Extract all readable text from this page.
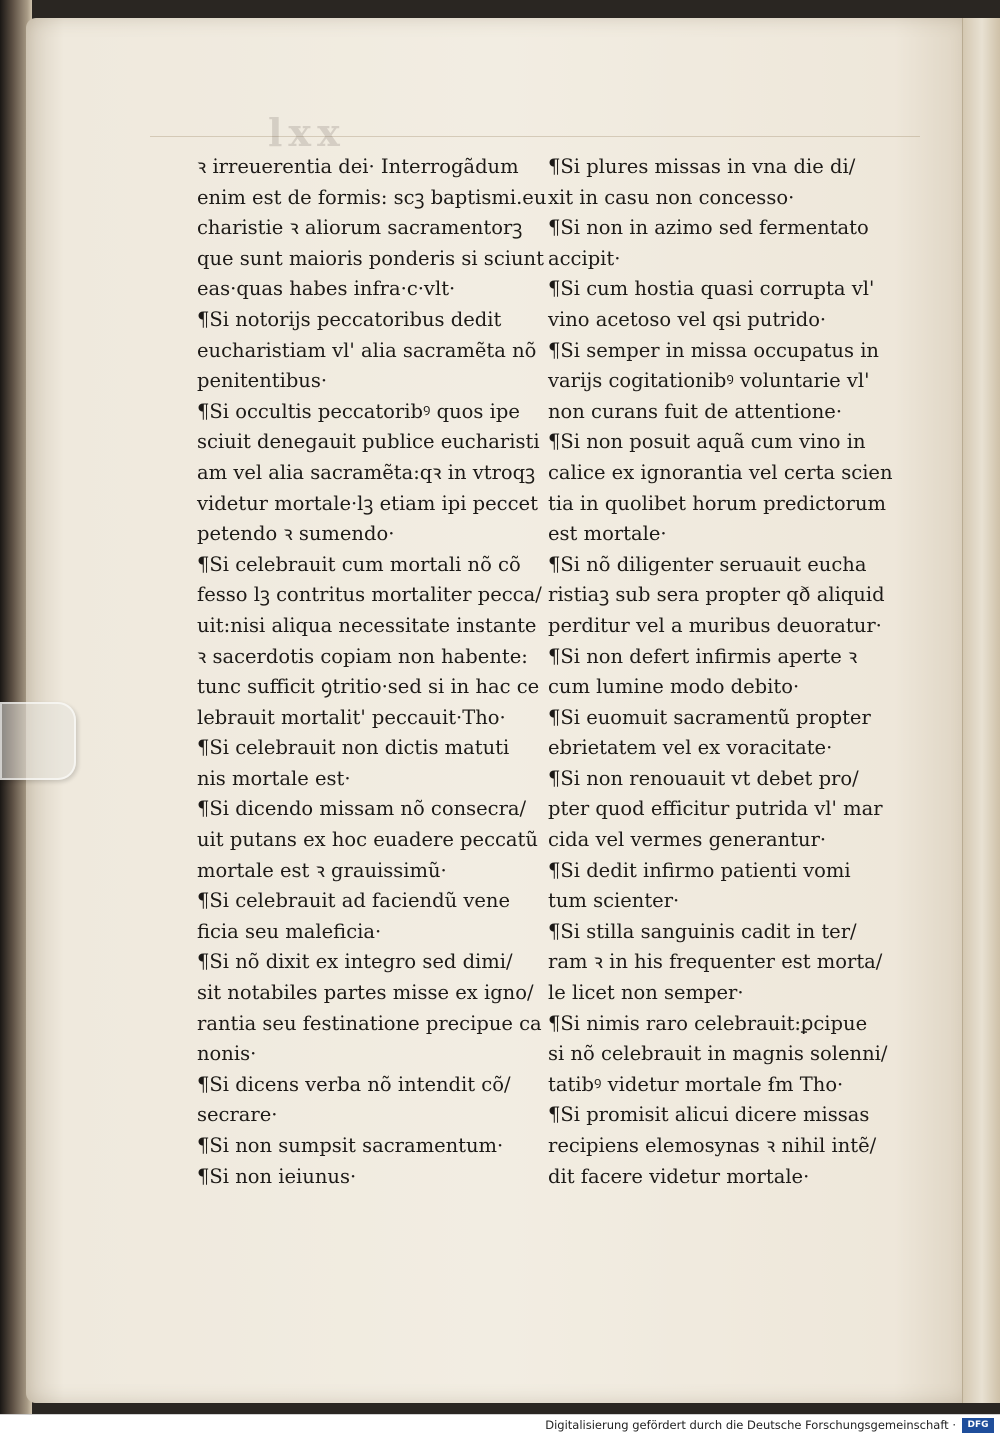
lxx
ꝛ irreuerentia dei· Interrogãdum
enim est de formis: scꝫ baptismi.eu
charistie ꝛ aliorum sacramentorꝫ
que sunt maioris ponderis si sciunt
eas·quas habes infra·c·vlt·
¶Si notorijs peccatoribus dedit
eucharistiam vl' alia sacramẽta nõ
penitentibus·
¶Si occultis peccatoribꝰ quos ipe
sciuit denegauit publice eucharisti
am vel alia sacramẽta:qꝛ in vtroqꝫ
videtur mortale·lꝫ etiam ipi peccet
petendo ꝛ sumendo·
¶Si celebrauit cum mortali nõ cõ
fesso lꝫ contritus mortaliter pecca/
uit:nisi aliqua necessitate instante
ꝛ sacerdotis copiam non habente:
tunc sufficit ꝯtritio·sed si in hac ce
lebrauit mortalit' peccauit·Tho·
¶Si celebrauit non dictis matuti
nis mortale est·
¶Si dicendo missam nõ consecra/
uit putans ex hoc euadere peccatũ
mortale est ꝛ grauissimũ·
¶Si celebrauit ad faciendũ vene
ficia seu maleficia·
¶Si nõ dixit ex integro sed dimi/
sit notabiles partes misse ex igno/
rantia seu festinatione precipue ca
nonis·
¶Si dicens verba nõ intendit cõ/
secrare·
¶Si non sumpsit sacramentum·
¶Si non ieiunus·
¶Si plures missas in vna die di/
xit in casu non concesso·
¶Si non in azimo sed fermentato
accipit·
¶Si cum hostia quasi corrupta vl'
vino acetoso vel qsi putrido·
¶Si semper in missa occupatus in
varijs cogitationibꝰ voluntarie vl'
non curans fuit de attentione·
¶Si non posuit aquã cum vino in
calice ex ignorantia vel certa scien
tia in quolibet horum predictorum
est mortale·
¶Si nõ diligenter seruauit eucha
ristiaꝫ sub sera propter qð aliquid
perditur vel a muribus deuoratur·
¶Si non defert infirmis aperte ꝛ
cum lumine modo debito·
¶Si euomuit sacramentũ propter
ebrietatem vel ex voracitate·
¶Si non renouauit vt debet pro/
pter quod efficitur putrida vl' mar
cida vel vermes generantur·
¶Si dedit infirmo patienti vomi
tum scienter·
¶Si stilla sanguinis cadit in ter/
ram ꝛ in his frequenter est morta/
le licet non semper·
¶Si nimis raro celebrauit:ꝑcipue
si nõ celebrauit in magnis solenni/
tatibꝰ videtur mortale ẜm Tho·
¶Si promisit alicui dicere missas
recipiens elemosynas ꝛ nihil intẽ/
dit facere videtur mortale·
Digitalisierung gefördert durch die Deutsche Forschungsgemeinschaft ·	DFG
